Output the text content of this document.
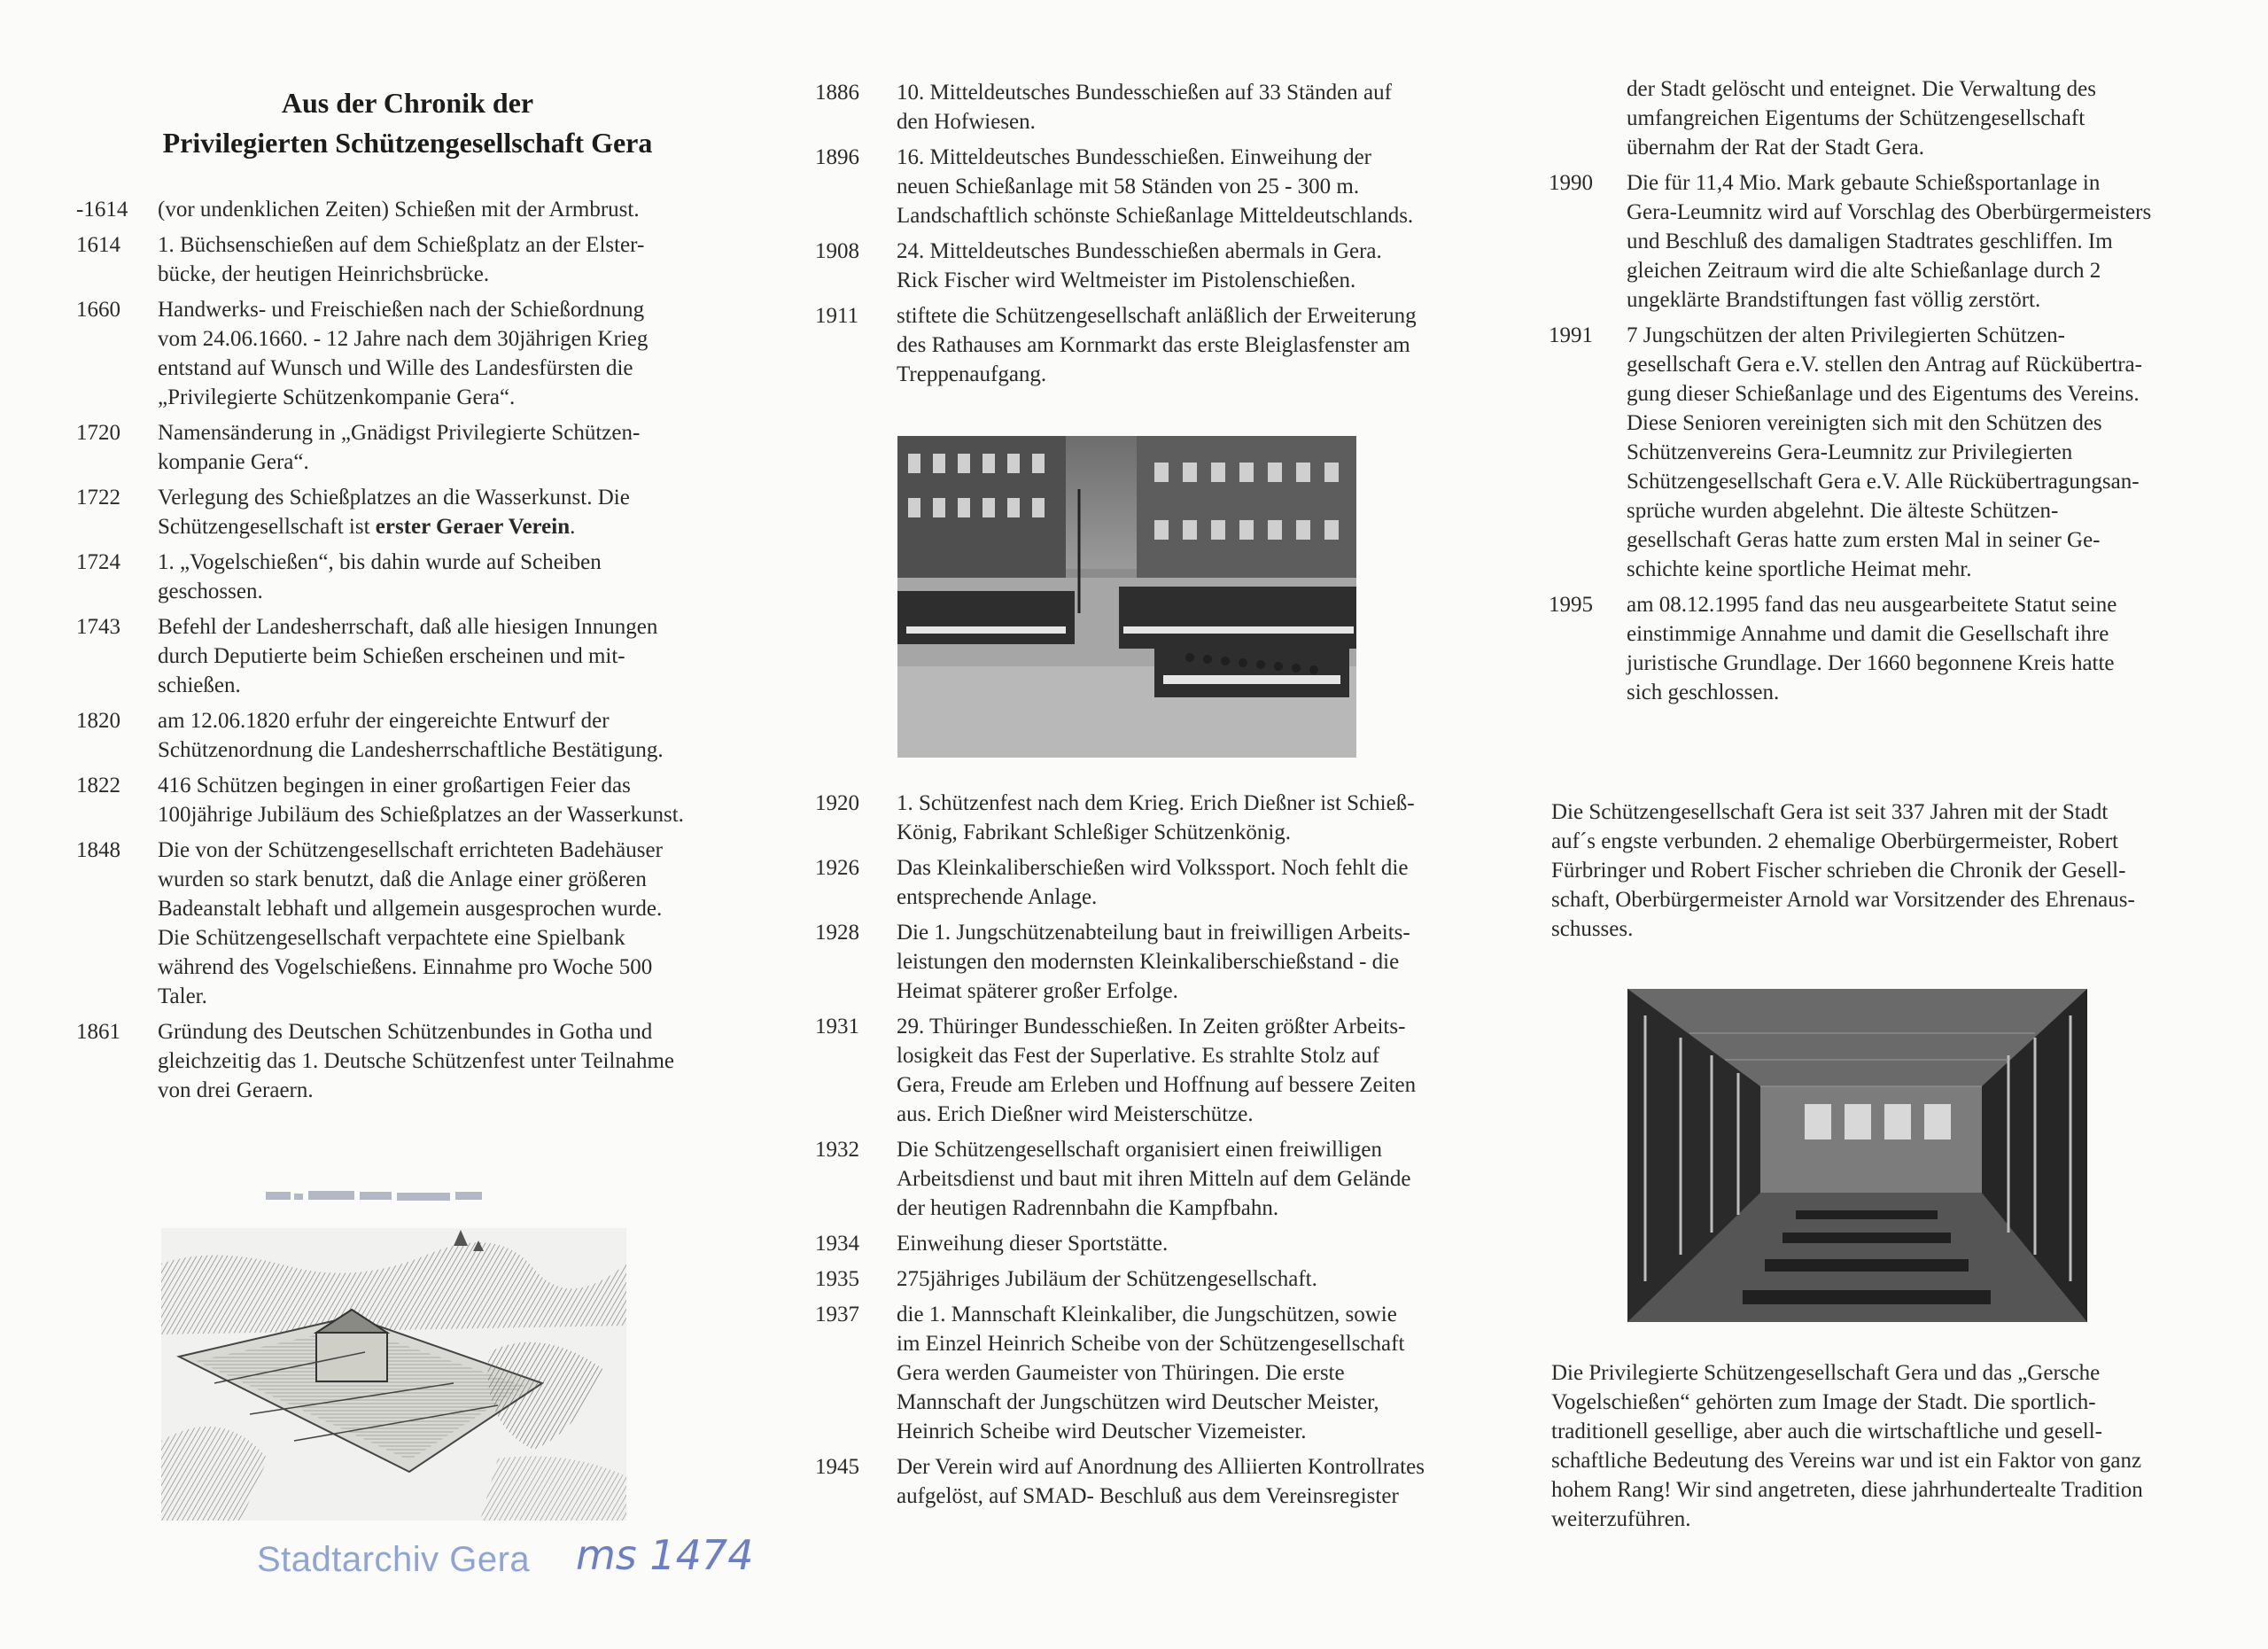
Aus der Chronik der
Privilegierten Schützengesellschaft Gera
-1614	(vor undenklichen Zeiten) Schießen mit der Armbrust.
1614	1. Büchsenschießen auf dem Schießplatz an der Elster-
bücke, der heutigen Heinrichsbrücke.
1660	Handwerks- und Freischießen nach der Schießordnung
vom 24.06.1660. - 12 Jahre nach dem 30jährigen Krieg
entstand auf Wunsch und Wille des Landesfürsten die
„Privilegierte Schützenkompanie Gera“.
1720	Namensänderung in „Gnädigst Privilegierte Schützen-
kompanie Gera“.
1722	Verlegung des Schießplatzes an die Wasserkunst. Die
Schützengesellschaft ist erster Geraer Verein.
1724	1. „Vogelschießen“, bis dahin wurde auf Scheiben
geschossen.
1743	Befehl der Landesherrschaft, daß alle hiesigen Innungen
durch Deputierte beim Schießen erscheinen und mit-
schießen.
1820	am 12.06.1820 erfuhr der eingereichte Entwurf der
Schützenordnung die Landesherrschaftliche Bestätigung.
1822	416 Schützen begingen in einer großartigen Feier das
100jährige Jubiläum des Schießplatzes an der Wasserkunst.
1848	Die von der Schützengesellschaft errichteten Badehäuser
wurden so stark benutzt, daß die Anlage einer größeren
Badeanstalt lebhaft und allgemein ausgesprochen wurde.
Die Schützengesellschaft verpachtete eine Spielbank
während des Vogelschießens. Einnahme pro Woche 500
Taler.
1861	Gründung des Deutschen Schützenbundes in Gotha und
gleichzeitig das 1. Deutsche Schützenfest unter Teilnahme
von drei Geraern.
1886	10. Mitteldeutsches Bundesschießen auf 33 Ständen auf
den Hofwiesen.
1896	16. Mitteldeutsches Bundesschießen. Einweihung der
neuen Schießanlage mit 58 Ständen von 25 - 300 m.
Landschaftlich schönste Schießanlage Mitteldeutschlands.
1908	24. Mitteldeutsches Bundesschießen abermals in Gera.
Rick Fischer wird Weltmeister im Pistolenschießen.
1911	stiftete die Schützengesellschaft anläßlich der Erweiterung
des Rathauses am Kornmarkt das erste Bleiglasfenster am
Treppenaufgang.
1920	1. Schützenfest nach dem Krieg. Erich Dießner ist Schieß-
König, Fabrikant Schleßiger Schützenkönig.
1926	Das Kleinkaliberschießen wird Volkssport. Noch fehlt die
entsprechende Anlage.
1928	Die 1. Jungschützenabteilung baut in freiwilligen Arbeits-
leistungen den modernsten Kleinkaliberschießstand - die
Heimat späterer großer Erfolge.
1931	29. Thüringer Bundesschießen. In Zeiten größter Arbeits-
losigkeit das Fest der Superlative. Es strahlte Stolz auf
Gera, Freude am Erleben und Hoffnung auf bessere Zeiten
aus. Erich Dießner wird Meisterschütze.
1932	Die Schützengesellschaft organisiert einen freiwilligen
Arbeitsdienst und baut mit ihren Mitteln auf dem Gelände
der heutigen Radrennbahn die Kampfbahn.
1934	Einweihung dieser Sportstätte.
1935	275jähriges Jubiläum der Schützengesellschaft.
1937	die 1. Mannschaft Kleinkaliber, die Jungschützen, sowie
im Einzel Heinrich Scheibe von der Schützengesellschaft
Gera werden Gaumeister von Thüringen. Die erste
Mannschaft der Jungschützen wird Deutscher Meister,
Heinrich Scheibe wird Deutscher Vizemeister.
1945	Der Verein wird auf Anordnung des Alliierten Kontrollrates
aufgelöst, auf SMAD- Beschluß aus dem Vereinsregister
der Stadt gelöscht und enteignet. Die Verwaltung des
umfangreichen Eigentums der Schützengesellschaft
übernahm der Rat der Stadt Gera.
1990	Die für 11,4 Mio. Mark gebaute Schießsportanlage in
Gera-Leumnitz wird auf Vorschlag des Oberbürgermeisters
und Beschluß des damaligen Stadtrates geschliffen. Im
gleichen Zeitraum wird die alte Schießanlage durch 2
ungeklärte Brandstiftungen fast völlig zerstört.
1991	7 Jungschützen der alten Privilegierten Schützen-
gesellschaft Gera e.V. stellen den Antrag auf Rückübertra-
gung dieser Schießanlage und des Eigentums des Vereins.
Diese Senioren vereinigten sich mit den Schützen des
Schützenvereins Gera-Leumnitz zur Privilegierten
Schützengesellschaft Gera e.V. Alle Rückübertragungsan-
sprüche wurden abgelehnt. Die älteste Schützen-
gesellschaft Geras hatte zum ersten Mal in seiner Ge-
schichte keine sportliche Heimat mehr.
1995	am 08.12.1995 fand das neu ausgearbeitete Statut seine
einstimmige Annahme und damit die Gesellschaft ihre
juristische Grundlage. Der 1660 begonnene Kreis hatte
sich geschlossen.
Die Schützengesellschaft Gera ist seit 337 Jahren mit der Stadt
auf´s engste verbunden. 2 ehemalige Oberbürgermeister, Robert
Fürbringer und Robert Fischer schrieben die Chronik der Gesell-
schaft, Oberbürgermeister Arnold war Vorsitzender des Ehrenaus-
schusses.
Die Privilegierte Schützengesellschaft Gera und das „Gersche
Vogelschießen“ gehörten zum Image der Stadt. Die sportlich-
traditionell gesellige, aber auch die wirtschaftliche und gesell-
schaftliche Bedeutung des Vereins war und ist ein Faktor von ganz
hohem Rang! Wir sind angetreten, diese jahrhundertealte Tradition
weiterzuführen.
Stadtarchiv Gera ms 1474
